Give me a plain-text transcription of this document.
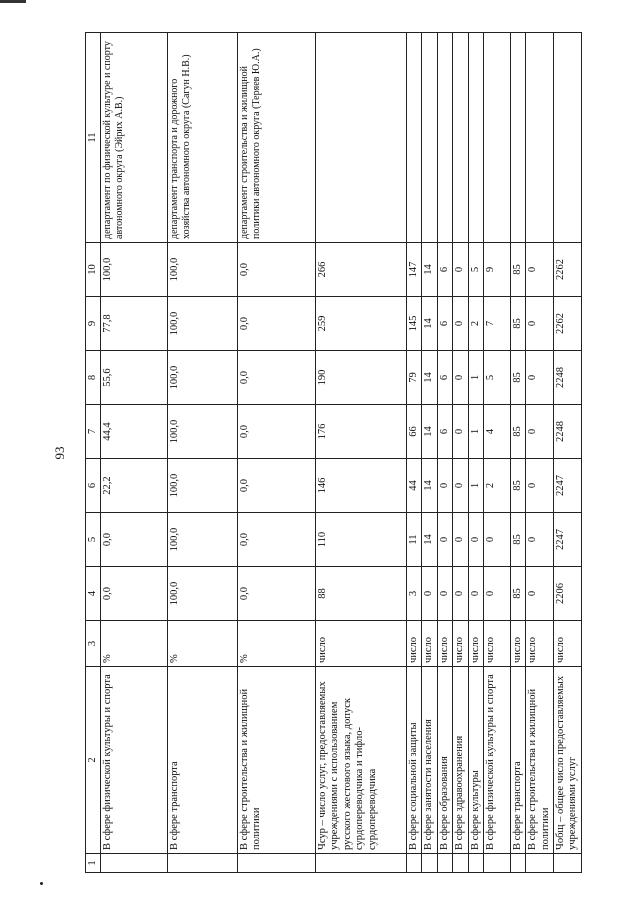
93
1	2	3	4	5	6	7	8	9	10	11
	В сфере физической культуры и спорта	%	0,0	0,0	22,2	44,4	55,6	77,8	100,0	департамент по физической культуре и спорту автономного округа (Эйрих А.В.)
	В сфере транспорта	%	100,0	100,0	100,0	100,0	100,0	100,0	100,0	департамент транспорта и дорожного хозяйства автономного округа (Сагун Н.В.)
	В сфере строительства и жилищной политики	%	0,0	0,0	0,0	0,0	0,0	0,0	0,0	департамент строительства и жилищной политики автономного округа (Теряев Ю.А.)
	Чсур – число услуг, предоставляемых учреждениями с использованием русского жестового языка, допуск сурдопереводчика и тифло-сурдопереводчика	число	88	110	146	176	190	259	266	
	В сфере социальной защиты	число	3	11	44	66	79	145	147	
	В сфере занятости населения	число	0	14	14	14	14	14	14	
	В сфере образования	число	0	0	0	6	6	6	6	
	В сфере здравоохранения	число	0	0	0	0	0	0	0	
	В сфере культуры	число	0	0	1	1	1	2	5	
	В сфере физической культуры и спорта	число	0	0	2	4	5	7	9	
	В сфере транспорта	число	85	85	85	85	85	85	85	
	В сфере строительства и жилищной политики	число	0	0	0	0	0	0	0	
	Чобщ – общее число предоставляемых учреждениями услуг	число	2206	2247	2247	2248	2248	2262	2262	
